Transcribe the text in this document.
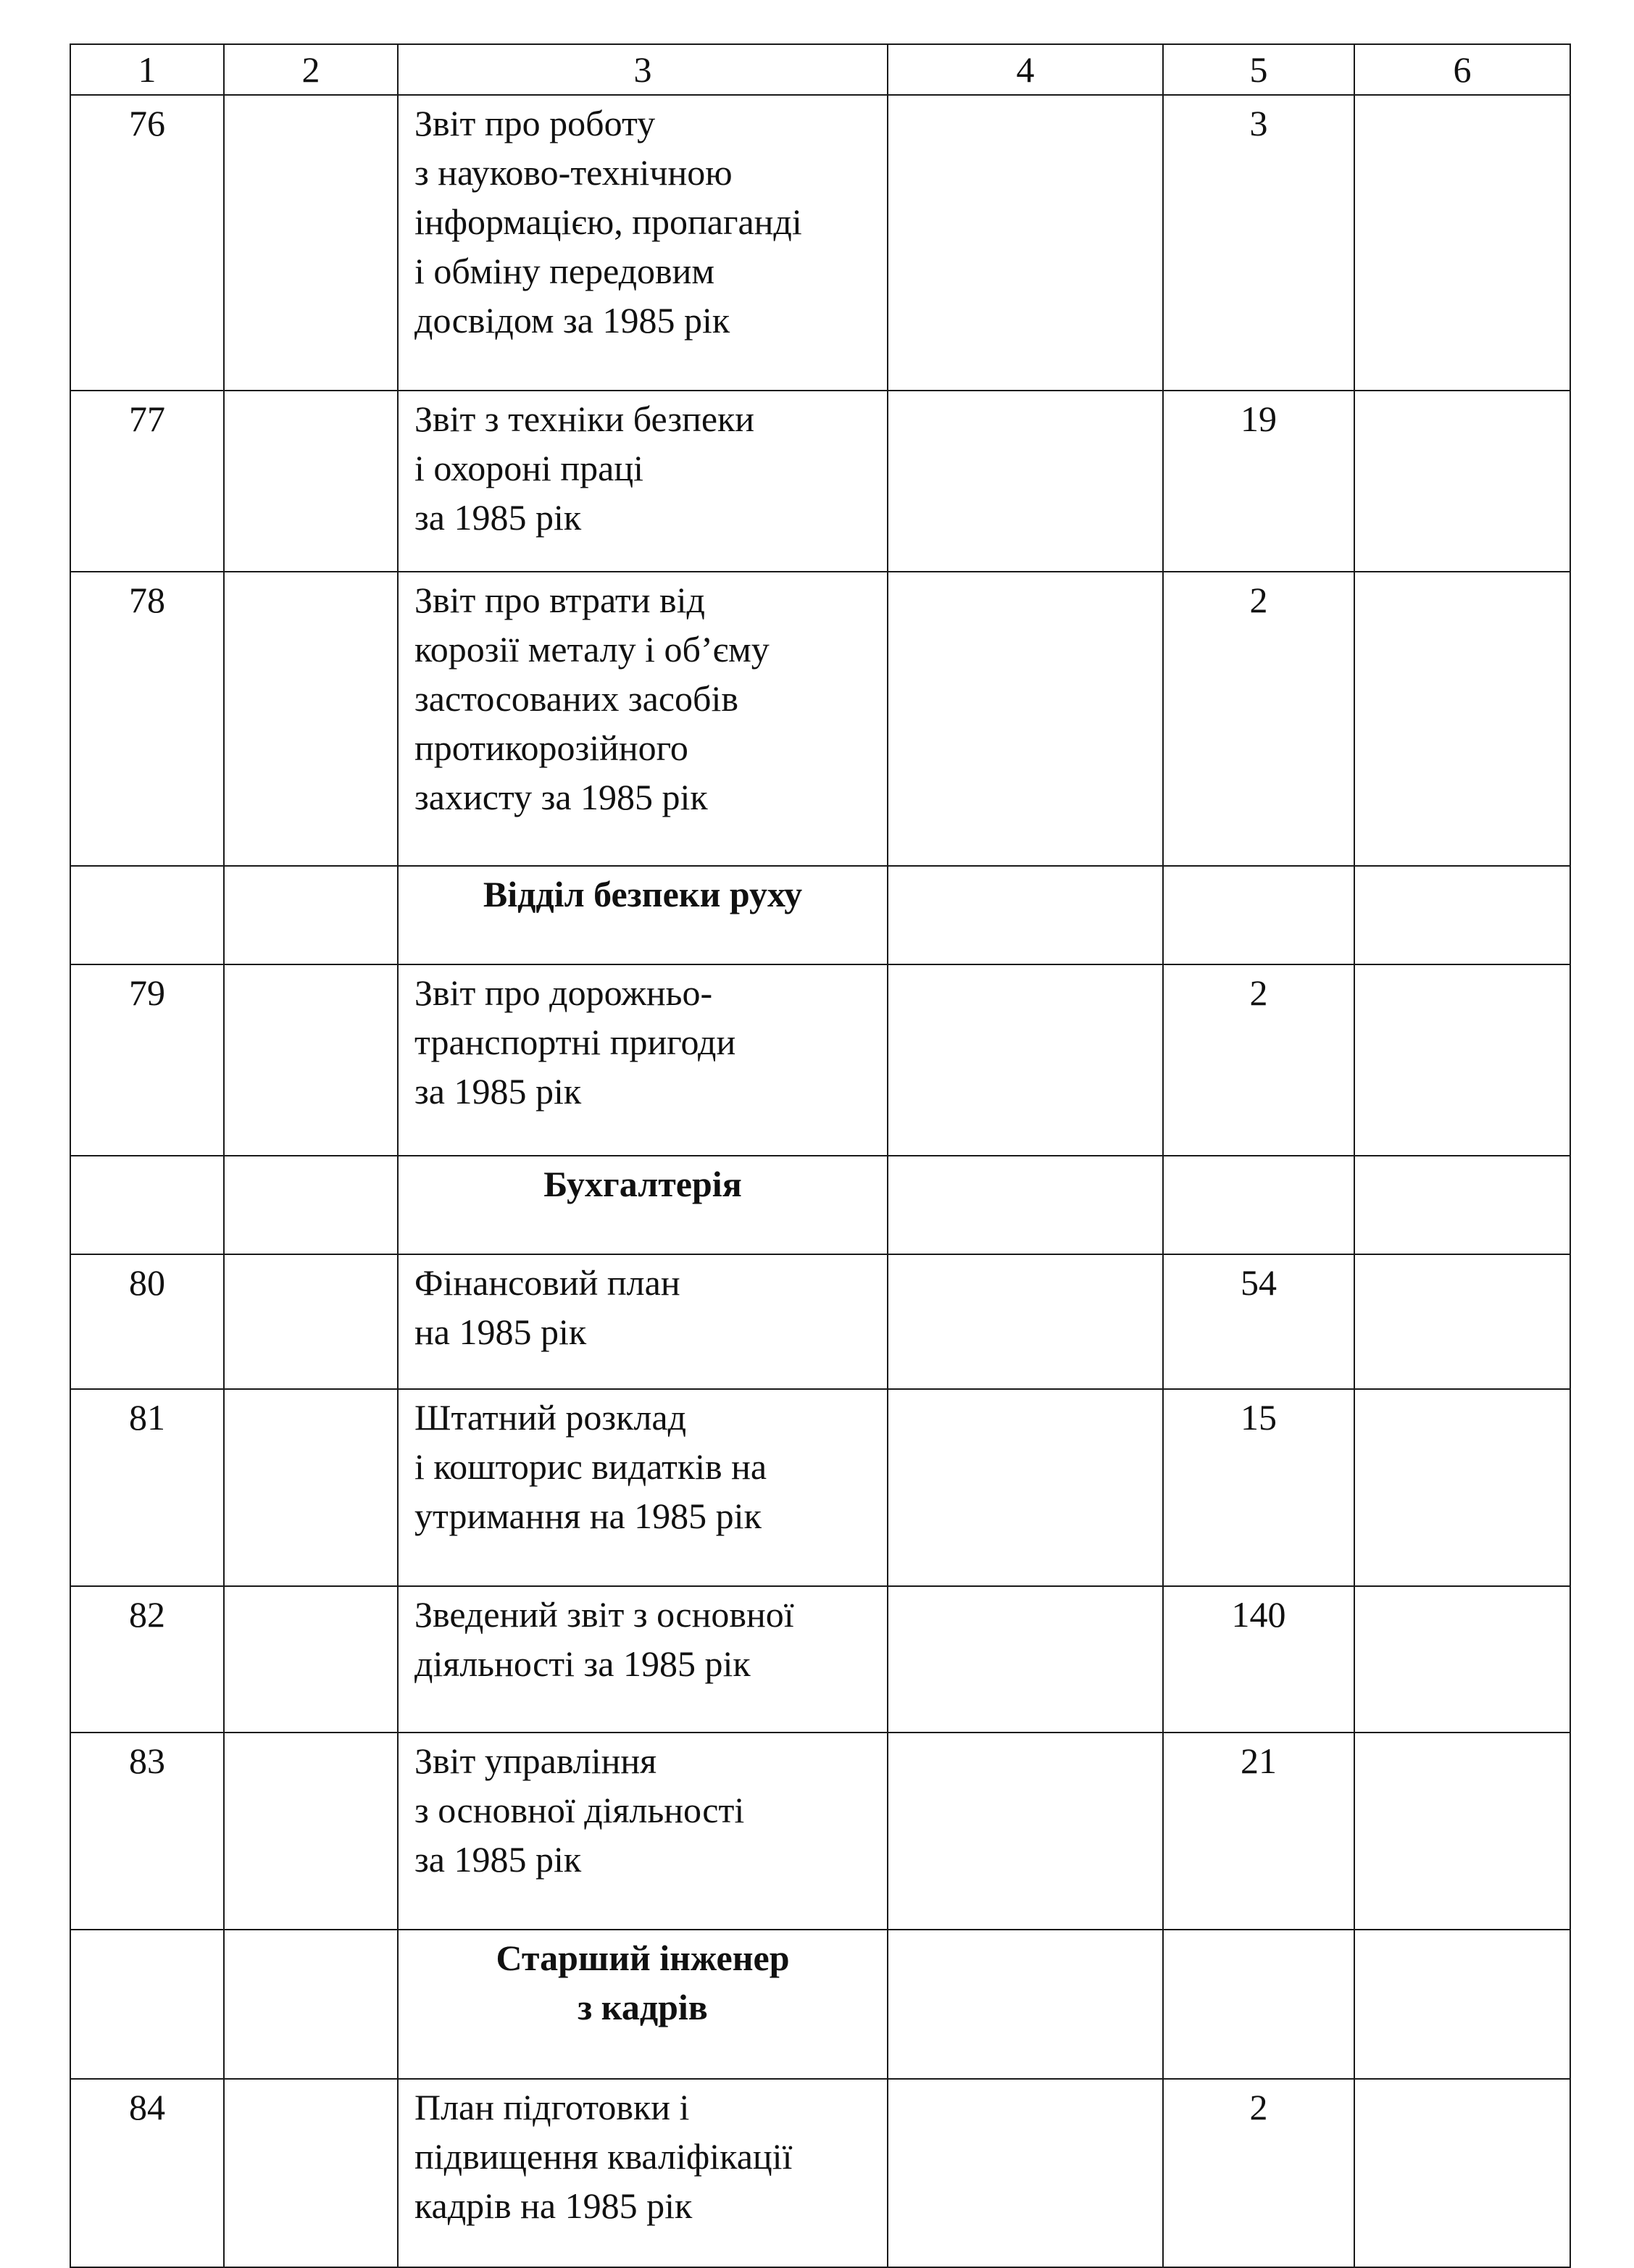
1	2	3	4	5	6
76		Звіт про роботу
з науково-технічною
інформацією, пропаганді
і обміну передовим
досвідом за 1985 рік		3	
77		Звіт з техніки безпеки
і охороні праці
за 1985 рік		19	
78		Звіт про втрати від
корозії металу і об’єму
застосованих засобів
протикорозійного
захисту за 1985 рік		2	
		Відділ безпеки руху			
79		Звіт про дорожньо-
транспортні пригоди
за 1985 рік		2	
		Бухгалтерія			
80		Фінансовий план
на 1985 рік		54	
81		Штатний розклад
і кошторис видатків на
утримання на 1985 рік		15	
82		Зведений звіт з основної
діяльності за 1985 рік		140	
83		Звіт управління
з основної діяльності
за 1985 рік		21	
		Старший інженер
з кадрів			
84		План підготовки і
підвищення кваліфікації
кадрів на 1985 рік		2	
